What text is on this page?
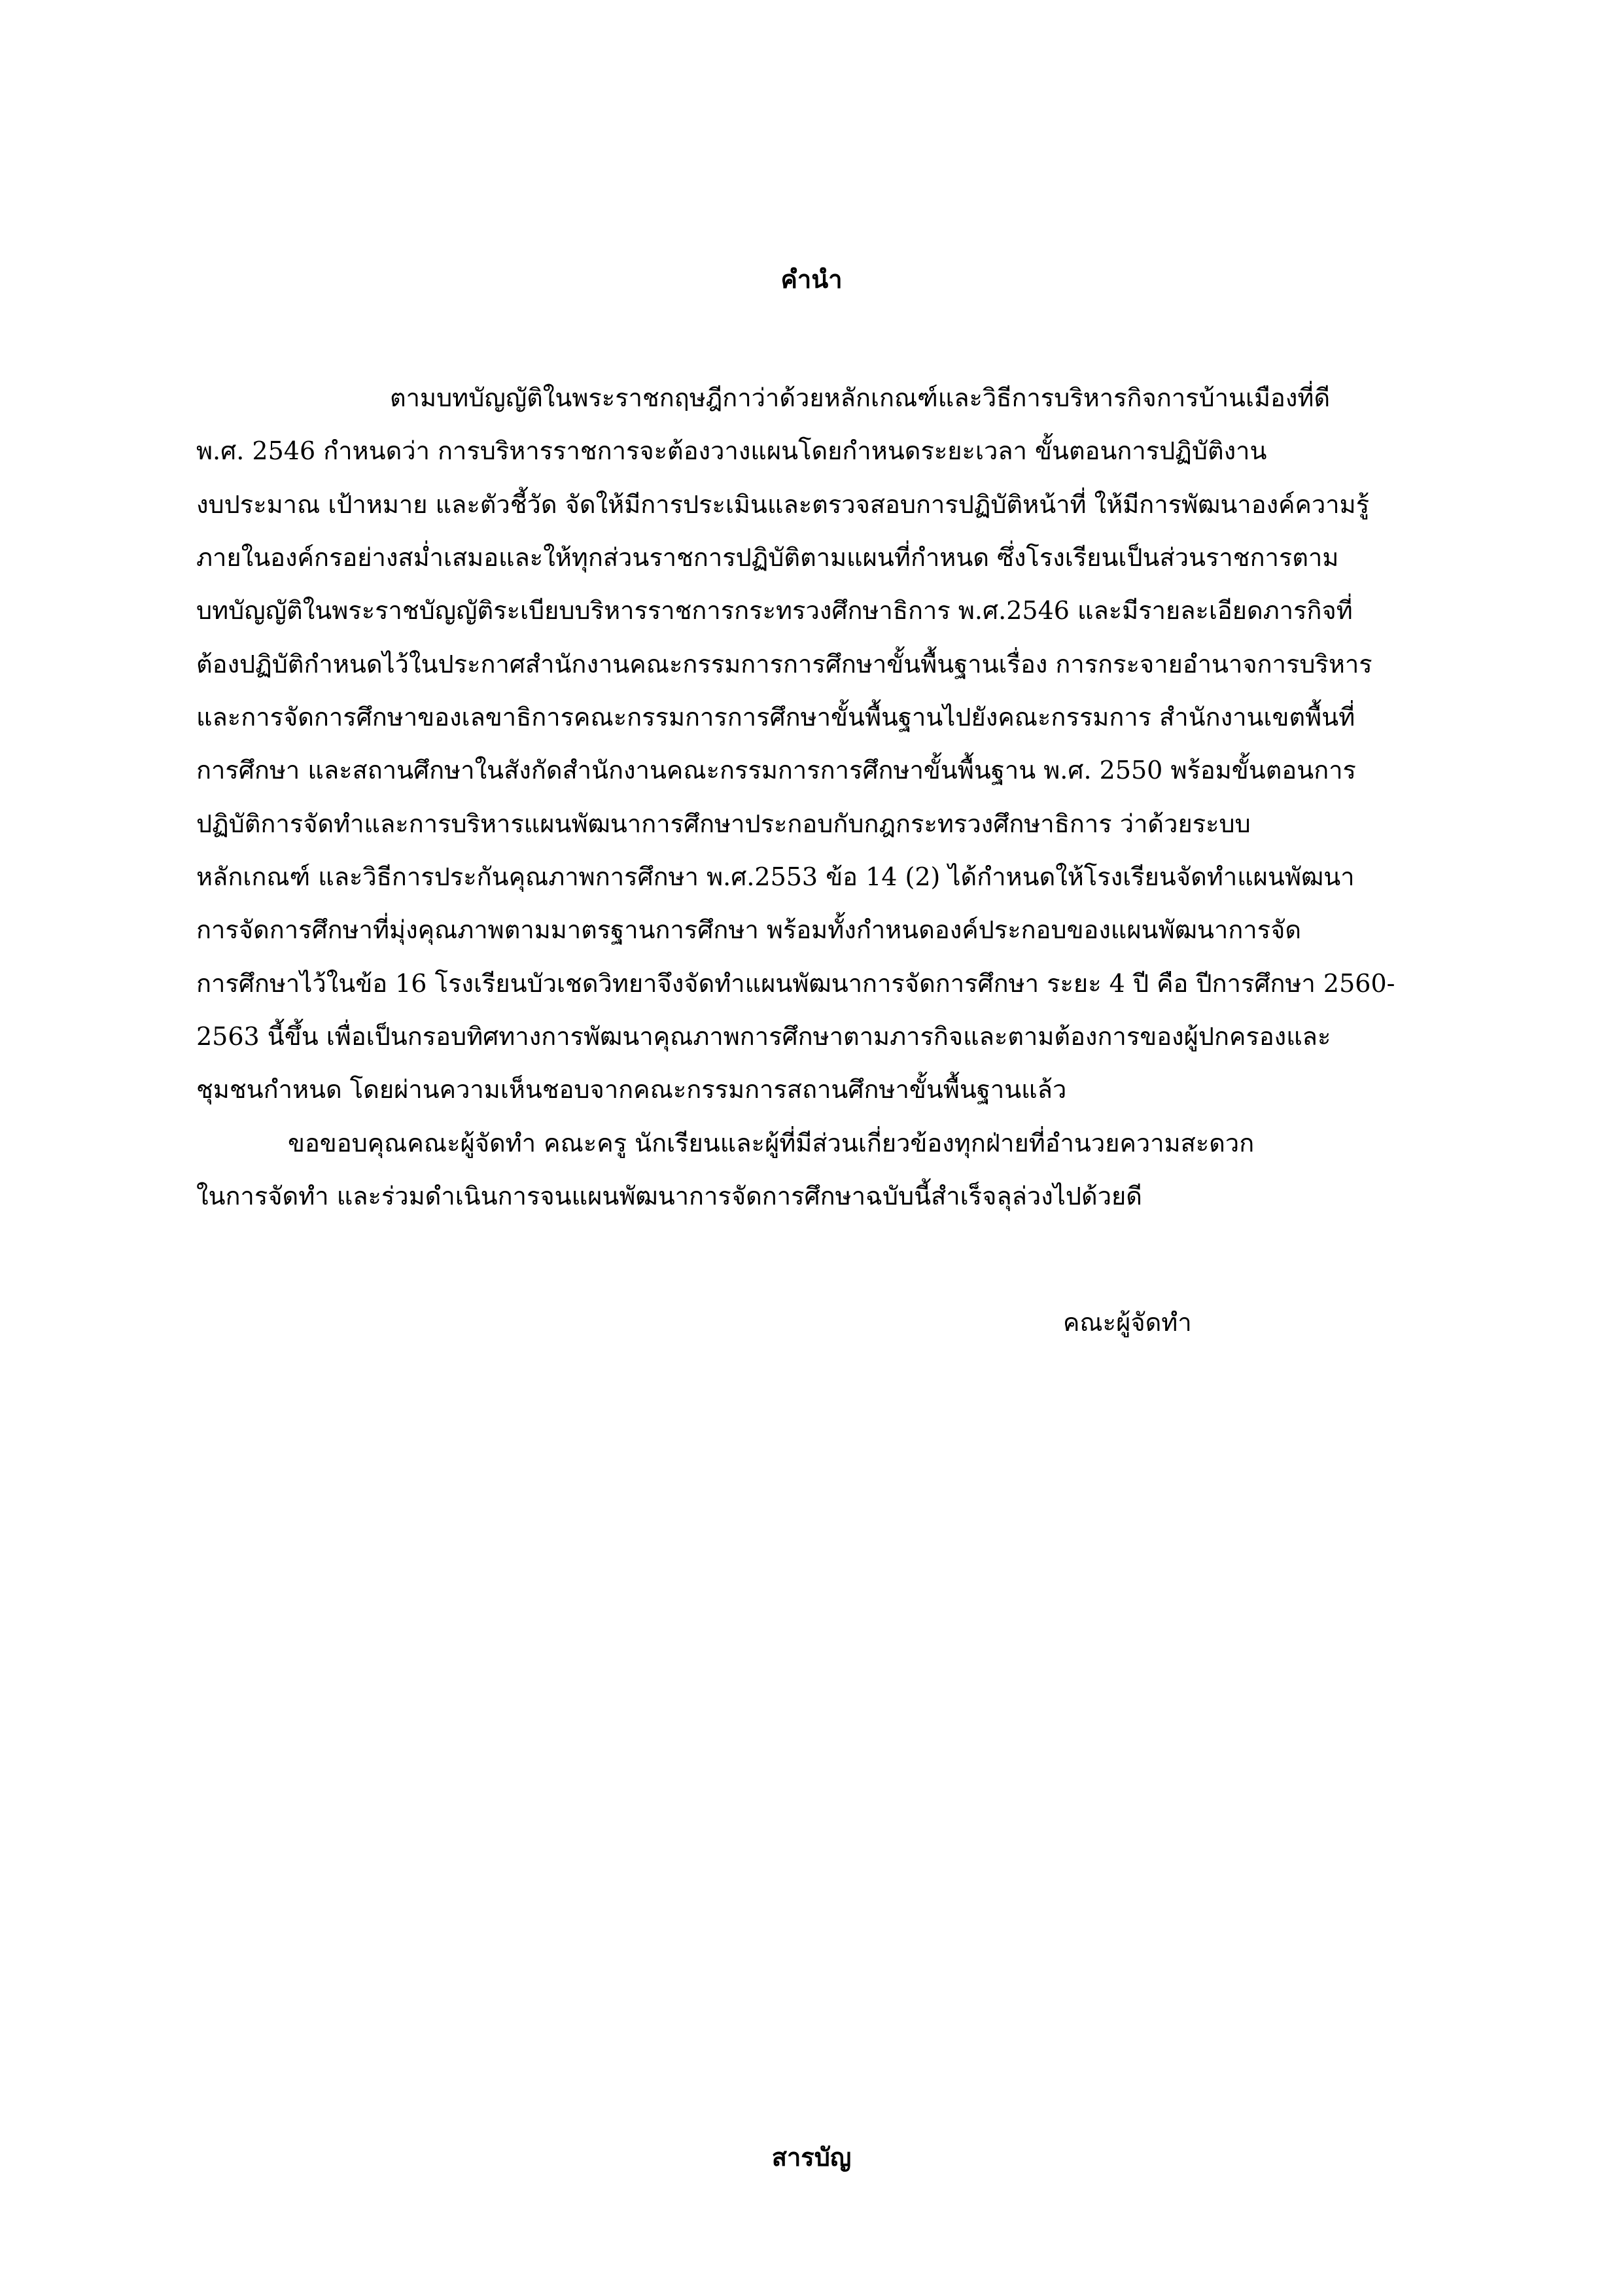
คำนำ
ตามบทบัญญัติในพระราชกฤษฎีกาว่าด้วยหลักเกณฑ์และวิธีการบริหารกิจการบ้านเมืองที่ดี
พ.ศ. 2546 กำหนดว่า การบริหารราชการจะต้องวางแผนโดยกำหนดระยะเวลา ขั้นตอนการปฏิบัติงาน
งบประมาณ เป้าหมาย และตัวชี้วัด จัดให้มีการประเมินและตรวจสอบการปฏิบัติหน้าที่ ให้มีการพัฒนาองค์ความรู้
ภายในองค์กรอย่างสม่ำเสมอและให้ทุกส่วนราชการปฏิบัติตามแผนที่กำหนด ซึ่งโรงเรียนเป็นส่วนราชการตาม
บทบัญญัติในพระราชบัญญัติระเบียบบริหารราชการกระทรวงศึกษาธิการ พ.ศ.2546 และมีรายละเอียดภารกิจที่
ต้องปฏิบัติกำหนดไว้ในประกาศสำนักงานคณะกรรมการการศึกษาขั้นพื้นฐานเรื่อง การกระจายอำนาจการบริหาร
และการจัดการศึกษาของเลขาธิการคณะกรรมการการศึกษาขั้นพื้นฐานไปยังคณะกรรมการ สำนักงานเขตพื้นที่
การศึกษา และสถานศึกษาในสังกัดสำนักงานคณะกรรมการการศึกษาขั้นพื้นฐาน พ.ศ. 2550 พร้อมขั้นตอนการ
ปฏิบัติการจัดทำและการบริหารแผนพัฒนาการศึกษาประกอบกับกฎกระทรวงศึกษาธิการ ว่าด้วยระบบ
หลักเกณฑ์ และวิธีการประกันคุณภาพการศึกษา พ.ศ.2553 ข้อ 14 (2) ได้กำหนดให้โรงเรียนจัดทำแผนพัฒนา
การจัดการศึกษาที่มุ่งคุณภาพตามมาตรฐานการศึกษา พร้อมทั้งกำหนดองค์ประกอบของแผนพัฒนาการจัด
การศึกษาไว้ในข้อ 16 โรงเรียนบัวเชดวิทยาจึงจัดทำแผนพัฒนาการจัดการศึกษา ระยะ 4 ปี คือ ปีการศึกษา 2560-
2563 นี้ขึ้น เพื่อเป็นกรอบทิศทางการพัฒนาคุณภาพการศึกษาตามภารกิจและตามต้องการของผู้ปกครองและ
ชุมชนกำหนด โดยผ่านความเห็นชอบจากคณะกรรมการสถานศึกษาขั้นพื้นฐานแล้ว
ขอขอบคุณคณะผู้จัดทำ คณะครู นักเรียนและผู้ที่มีส่วนเกี่ยวข้องทุกฝ่ายที่อำนวยความสะดวก
ในการจัดทำ และร่วมดำเนินการจนแผนพัฒนาการจัดการศึกษาฉบับนี้สำเร็จลุล่วงไปด้วยดี
คณะผู้จัดทำ
สารบัญ
